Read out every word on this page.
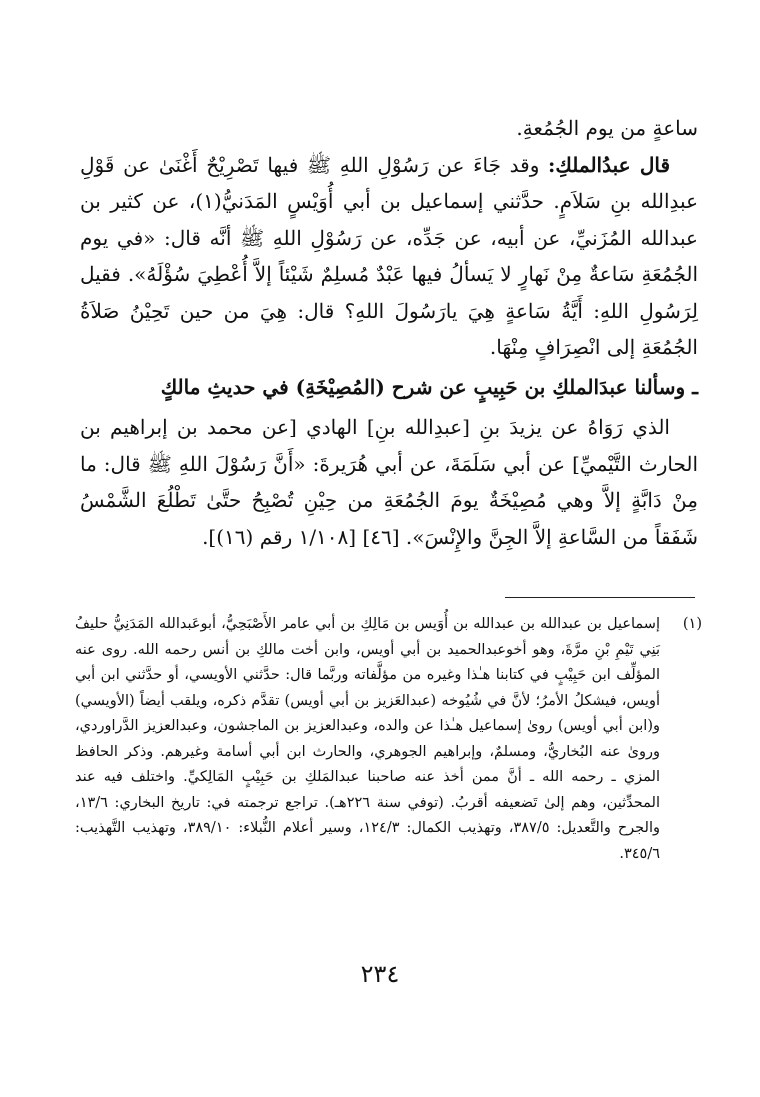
ساعةٍ من يوم الجُمُعةِ.

قال عبدُالملكِ: وقد جَاءَ عن رَسُوْلِ اللهِ ﷺ فيها تَصْرِيْحٌ أَغْنَىٰ عن قَوْلِ عبدِالله بنِ سَلاَمٍ. حدَّثني إسماعيل بن أبي أُوَيْسٍ المَدَنيُّ(١)، عن كثير بن عبدالله المُزَنيِّ، عن أبيه، عن جَدِّه، عن رَسُوْلِ اللهِ ﷺ أنَّه قال: «في يوم الجُمُعَةِ سَاعةٌ مِنْ نَهارٍ لا يَسألُ فيها عَبْدٌ مُسلِمٌ شَيْئاً إلاَّ أُعْطِيَ سُؤْلَهُ». فقيل لِرَسُولِ اللهِ: أَيَّةُ سَاعةٍ هِيَ يارَسُولَ اللهِ؟ قال: هِيَ من حين تَحِيْنُ صَلاَةُ الجُمُعَةِ إلى انْصِرَافٍ مِنْهَا.

ـ وسألنا عبدَالملكِ بن حَبِيبٍ عن شرح (المُصِيْخَةِ) في حديثِ مالكٍ

الذي رَوَاهُ عن يزيدَ بنِ [عبدِالله بنِ] الهادي [عن محمد بن إبراهيم بن الحارث التَّيْميِّ] عن أبي سَلَمَةَ، عن أبي هُرَيرةَ: «أَنَّ رَسُوْلَ اللهِ ﷺ قال: ما مِنْ دَابَّةٍ إلاَّ وهي مُصِيْخَةٌ يومَ الجُمُعَةِ من حِيْنِ تُصْبِحُ حتَّىٰ تَطْلُعَ الشَّمْسُ شَفَقاً من السَّاعةِ إلاَّ الجِنَّ والإِنْسَ». [٤٦] [١/١٠٨ رقم (١٦)].

(١)
إسماعيل بن عبدالله بن عبدالله بن أُوَيس بن مَالِكِ بن أبي عامر الأَصْبَحِيُّ، أبوعَبدالله المَدَنِيُّ حليفُ بَنِي تَيْمِ بْنِ مرَّةَ، وهو أخوعبدالحميد بن أبي أويس، وابن أخت مالكِ بن أنس رحمه الله. روى عنه المؤلِّف ابن حَبِيْبٍ في كتابنا هـٰذا وغيره من مؤلَّفاته وربَّما قال: حدَّثني الأويسي، أو حدَّثني ابن أبي أويس، فيشكلُ الأمرُ؛ لأنَّ في شُيُوخه (عبدالعَزيز بن أبي أويس) تقدَّم ذكره، ويلقب أيضاً (الأويسي) و(ابن أبي أويس) روىٰ إسماعيل هـٰذا عن والده، وعبدالعزيز بن الماجشون، وعبدالعزيز الدَّراوردي، وروىٰ عنه البُخاريُّ، ومسلمٌ، وإبراهيم الجوهري، والحارث ابن أبي أسامة وغيرهم. وذكر الحافظ المزي ـ رحمه الله ـ أنَّ ممن أخذ عنه صاحبنا عبدالمَلكِ بن حَبِيْبٍ المَالِكيِّ. واختلف فيه عند المحدِّثين، وهم إلىٰ تَضعيفه أقربُ. (توفي سنة ٢٢٦هـ). تراجع ترجمته في: تاريخ البخاري: ١٣/٦، والجرح والتَّعديل: ٣٨٧/٥، وتهذيب الكمال: ١٢٤/٣، وسير أعلام النُّبلاء: ٣٨٩/١٠، وتهذيب التَّهذيب: ٣٤٥/٦.
٢٣٤
